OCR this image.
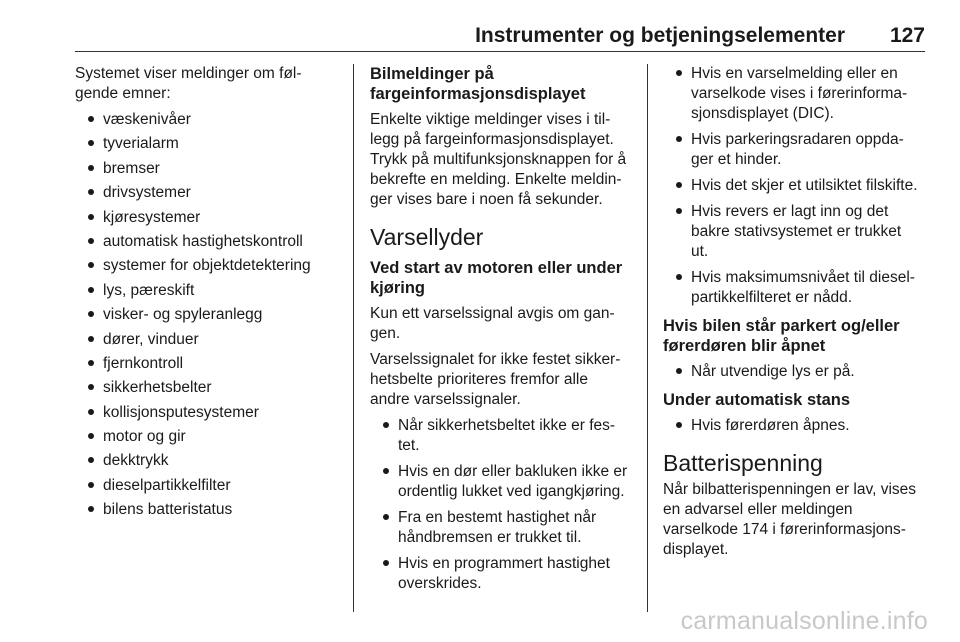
Instrumenter og betjeningselementer 127

Systemet viser meldinger om føl-
gende emner:

væskenivåer
tyverialarm
bremser
drivsystemer
kjøresystemer
automatisk hastighetskontroll
systemer for objektdetektering
lys, pæreskift
visker- og spyleranlegg
dører, vinduer
fjernkontroll
sikkerhetsbelter
kollisjonsputesystemer
motor og gir
dekktrykk
dieselpartikkelfilter
bilens batteristatus
Bilmeldinger på
fargeinformasjonsdisplayet

Enkelte viktige meldinger vises i til-
legg på fargeinformasjonsdisplayet.
Trykk på multifunksjonsknappen for å
bekrefte en melding. Enkelte meldin-
ger vises bare i noen få sekunder.

Varsellyder
Ved start av motoren eller under
kjøring

Kun ett varselssignal avgis om gan-
gen.

Varselssignalet for ikke festet sikker-
hetsbelte prioriteres fremfor alle
andre varselssignaler.

Når sikkerhetsbeltet ikke er fes-
tet.
Hvis en dør eller bakluken ikke er
ordentlig lukket ved igangkjøring.
Fra en bestemt hastighet når
håndbremsen er trukket til.
Hvis en programmert hastighet
overskrides.
Hvis en varselmelding eller en
varselkode vises i førerinforma-
sjonsdisplayet (DIC).
Hvis parkeringsradaren oppda-
ger et hinder.
Hvis det skjer et utilsiktet filskifte.
Hvis revers er lagt inn og det
bakre stativsystemet er trukket
ut.
Hvis maksimumsnivået til diesel-
partikkelfilteret er nådd.
Hvis bilen står parkert og/eller
førerdøren blir åpnet
Når utvendige lys er på.
Under automatisk stans
Hvis førerdøren åpnes.
Batterispenning

Når bilbatterispenningen er lav, vises
en advarsel eller meldingen
varselkode 174 i førerinformasjons-
displayet.

carmanualsonline.info
